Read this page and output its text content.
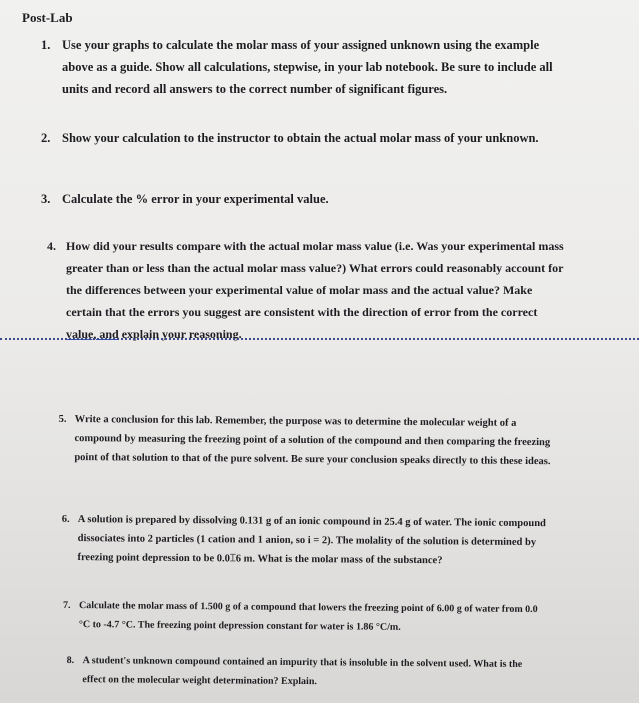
Post-Lab
1. Use your graphs to calculate the molar mass of your assigned unknown using the example above as a guide. Show all calculations, stepwise, in your lab notebook. Be sure to include all units and record all answers to the correct number of significant figures.
2. Show your calculation to the instructor to obtain the actual molar mass of your unknown.
3. Calculate the % error in your experimental value.
4. How did your results compare with the actual molar mass value (i.e. Was your experimental mass greater than or less than the actual molar mass value?) What errors could reasonably account for the differences between your experimental value of molar mass and the actual value? Make certain that the errors you suggest are consistent with the direction of error from the correct value, and explain your reasoning.
5. Write a conclusion for this lab. Remember, the purpose was to determine the molecular weight of a compound by measuring the freezing point of a solution of the compound and then comparing the freezing point of that solution to that of the pure solvent. Be sure your conclusion speaks directly to this these ideas.
6. A solution is prepared by dissolving 0.131 g of an ionic compound in 25.4 g of water. The ionic compound dissociates into 2 particles (1 cation and 1 anion, so i = 2). The molality of the solution is determined by freezing point depression to be 0.0Ɪ6 m. What is the molar mass of the substance?
7. Calculate the molar mass of 1.500 g of a compound that lowers the freezing point of 6.00 g of water from 0.0 °C to -4.7 °C. The freezing point depression constant for water is 1.86 °C/m.
8. A student's unknown compound contained an impurity that is insoluble in the solvent used. What is the effect on the molecular weight determination? Explain.
